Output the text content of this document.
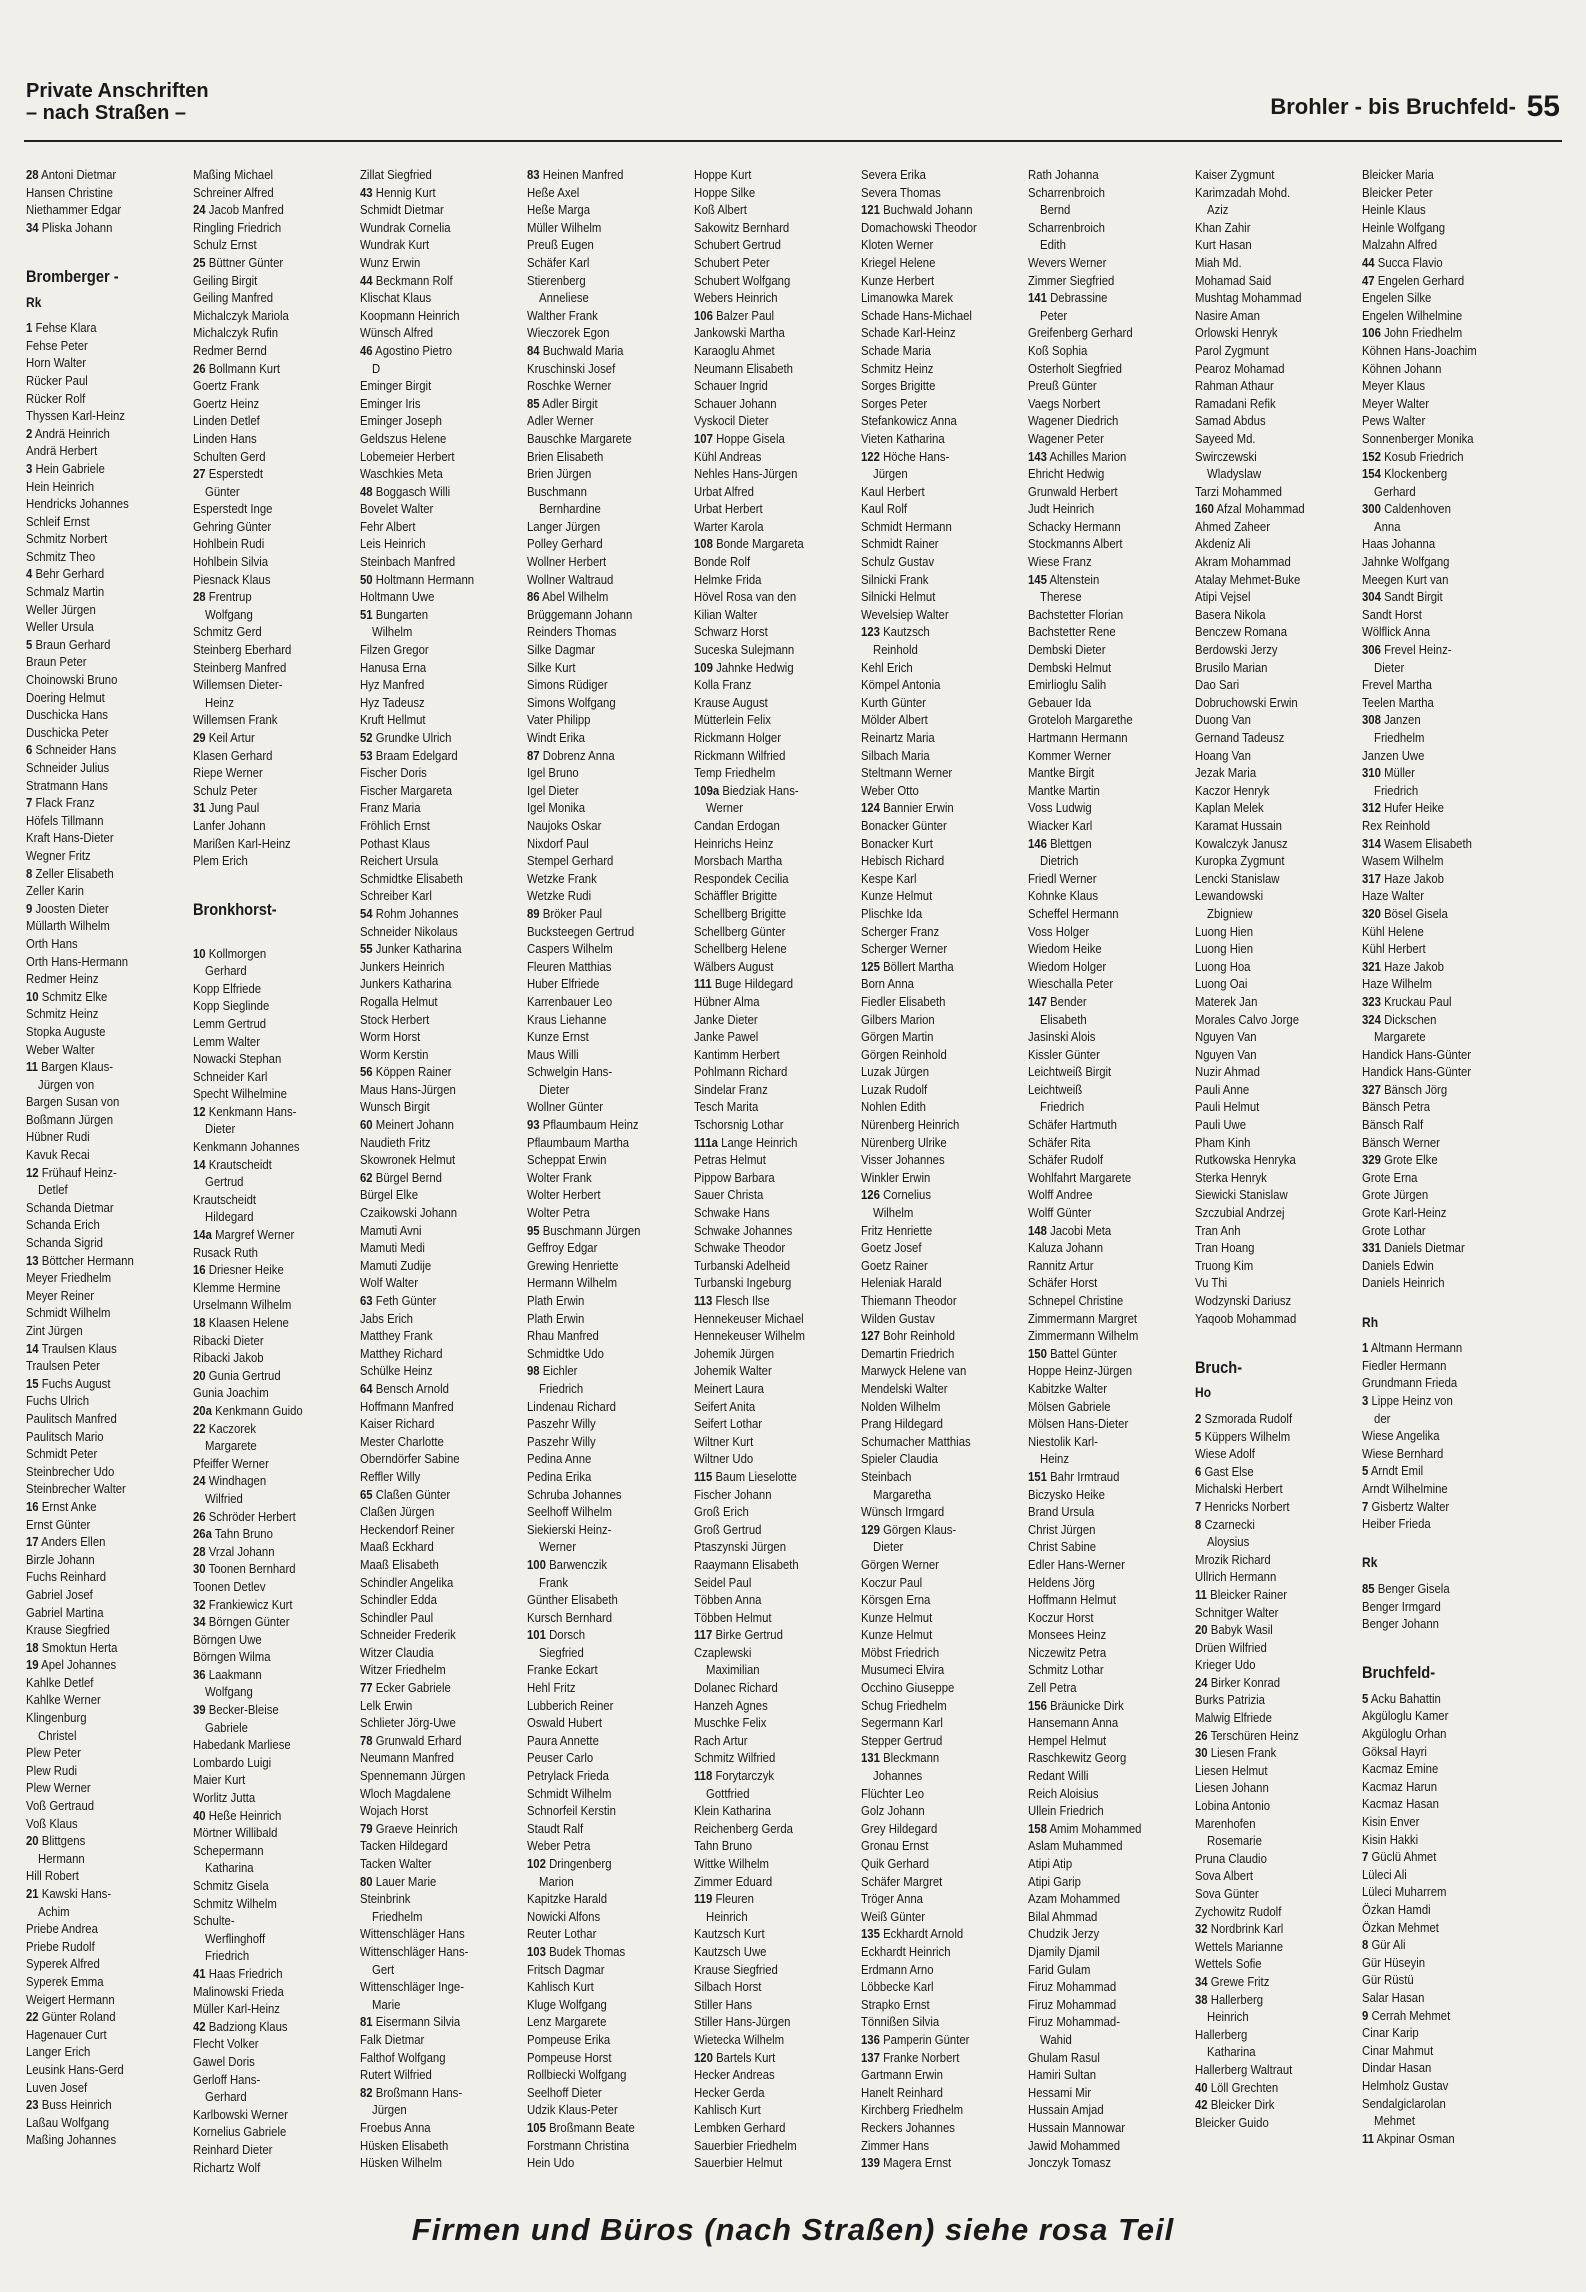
Private Anschriften
– nach Straßen –	Brohler - bis Bruchfeld- 55
28 Antoni Dietmar
Hansen Christine
Niethammer Edgar
34 Pliska Johann

Bromberger -
Rk
1 Fehse Klara
Fehse Peter
Horn Walter
Rücker Paul
Rücker Rolf
Thyssen Karl-Heinz
2 Andrä Heinrich
Andrä Herbert
3 Hein Gabriele
Hein Heinrich
Hendricks Johannes
Schleif Ernst
Schmitz Norbert
Schmitz Theo
4 Behr Gerhard
Schmalz Martin
Weller Jürgen
Weller Ursula
5 Braun Gerhard
Braun Peter
Choinowski Bruno
Doering Helmut
Duschicka Hans
Duschicka Peter
6 Schneider Hans
Schneider Julius
Stratmann Hans
7 Flack Franz
Höfels Tillmann
Kraft Hans-Dieter
Wegner Fritz
8 Zeller Elisabeth
Zeller Karin
9 Joosten Dieter
Müllarth Wilhelm
Orth Hans
Orth Hans-Hermann
Redmer Heinz
10 Schmitz Elke
Schmitz Heinz
Stopka Auguste
Weber Walter
11 Bargen Klaus-
Jürgen von
Bargen Susan von
Boßmann Jürgen
Hübner Rudi
Kavuk Recai
12 Frühauf Heinz-
Detlef
Schanda Dietmar
Schanda Erich
Schanda Sigrid
13 Böttcher Hermann
Meyer Friedhelm
Meyer Reiner
Schmidt Wilhelm
Zint Jürgen
14 Traulsen Klaus
Traulsen Peter
15 Fuchs August
Fuchs Ulrich
Paulitsch Manfred
Paulitsch Mario
Schmidt Peter
Steinbrecher Udo
Steinbrecher Walter
16 Ernst Anke
Ernst Günter
17 Anders Ellen
Birzle Johann
Fuchs Reinhard
Gabriel Josef
Gabriel Martina
Krause Siegfried
18 Smoktun Herta
19 Apel Johannes
Kahlke Detlef
Kahlke Werner
Klingenburg
Christel
Plew Peter
Plew Rudi
Plew Werner
Voß Gertraud
Voß Klaus
20 Blittgens
Hermann
Hill Robert
21 Kawski Hans-
Achim
Priebe Andrea
Priebe Rudolf
Syperek Alfred
Syperek Emma
Weigert Hermann
22 Günter Roland
Hagenauer Curt
Langer Erich
Leusink Hans-Gerd
Luven Josef
23 Buss Heinrich
Laßau Wolfgang
Maßing Johannes
Maßing Michael
Schreiner Alfred
24 Jacob Manfred
Ringling Friedrich
Schulz Ernst
25 Büttner Günter
Geiling Birgit
Geiling Manfred
Michalczyk Mariola
Michalczyk Rufin
Redmer Bernd
26 Bollmann Kurt
Goertz Frank
Goertz Heinz
Linden Detlef
Linden Hans
Schulten Gerd
27 Esperstedt
Günter
Esperstedt Inge
Gehring Günter
Hohlbein Rudi
Hohlbein Silvia
Piesnack Klaus
28 Frentrup
Wolfgang
Schmitz Gerd
Steinberg Eberhard
Steinberg Manfred
Willemsen Dieter-
Heinz
Willemsen Frank
29 Keil Artur
Klasen Gerhard
Riepe Werner
Schulz Peter
31 Jung Paul
Lanfer Johann
Marißen Karl-Heinz
Plem Erich

Bronkhorst-

10 Kollmorgen
Gerhard
Kopp Elfriede
Kopp Sieglinde
Lemm Gertrud
Lemm Walter
Nowacki Stephan
Schneider Karl
Specht Wilhelmine
12 Kenkmann Hans-
Dieter
Kenkmann Johannes
14 Krautscheidt
Gertrud
Krautscheidt
Hildegard
14a Margref Werner
Rusack Ruth
16 Driesner Heike
Klemme Hermine
Urselmann Wilhelm
18 Klaasen Helene
Ribacki Dieter
Ribacki Jakob
20 Gunia Gertrud
Gunia Joachim
20a Kenkmann Guido
22 Kaczorek
Margarete
Pfeiffer Werner
24 Windhagen
Wilfried
26 Schröder Herbert
26a Tahn Bruno
28 Vrzal Johann
30 Toonen Bernhard
Toonen Detlev
32 Frankiewicz Kurt
34 Börngen Günter
Börngen Uwe
Börngen Wilma
36 Laakmann
Wolfgang
39 Becker-Bleise
Gabriele
Habedank Marliese
Lombardo Luigi
Maier Kurt
Worlitz Jutta
40 Heße Heinrich
Mörtner Willibald
Schepermann
Katharina
Schmitz Gisela
Schmitz Wilhelm
Schulte-
Werflinghoff
Friedrich
41 Haas Friedrich
Malinowski Frieda
Müller Karl-Heinz
42 Badziong Klaus
Flecht Volker
Gawel Doris
Gerloff Hans-
Gerhard
Karlbowski Werner
Kornelius Gabriele
Reinhard Dieter
Richartz Wolf
Zillat Siegfried
43 Hennig Kurt
Schmidt Dietmar
Wundrak Cornelia
Wundrak Kurt
Wunz Erwin
44 Beckmann Rolf
Klischat Klaus
Koopmann Heinrich
Wünsch Alfred
46 Agostino Pietro
D
Eminger Birgit
Eminger Iris
Eminger Joseph
Geldszus Helene
Lobemeier Herbert
Waschkies Meta
48 Boggasch Willi
Bovelet Walter
Fehr Albert
Leis Heinrich
Steinbach Manfred
50 Holtmann Hermann
Holtmann Uwe
51 Bungarten
Wilhelm
Filzen Gregor
Hanusa Erna
Hyz Manfred
Hyz Tadeusz
Kruft Hellmut
52 Grundke Ulrich
53 Braam Edelgard
Fischer Doris
Fischer Margareta
Franz Maria
Fröhlich Ernst
Pothast Klaus
Reichert Ursula
Schmidtke Elisabeth
Schreiber Karl
54 Rohm Johannes
Schneider Nikolaus
55 Junker Katharina
Junkers Heinrich
Junkers Katharina
Rogalla Helmut
Stock Herbert
Worm Horst
Worm Kerstin
56 Köppen Rainer
Maus Hans-Jürgen
Wunsch Birgit
60 Meinert Johann
Naudieth Fritz
Skowronek Helmut
62 Bürgel Bernd
Bürgel Elke
Czaikowski Johann
Mamuti Avni
Mamuti Medi
Mamuti Zudije
Wolf Walter
63 Feth Günter
Jabs Erich
Matthey Frank
Matthey Richard
Schülke Heinz
64 Bensch Arnold
Hoffmann Manfred
Kaiser Richard
Mester Charlotte
Oberndörfer Sabine
Reffler Willy
65 Claßen Günter
Claßen Jürgen
Heckendorf Reiner
Maaß Eckhard
Maaß Elisabeth
Schindler Angelika
Schindler Edda
Schindler Paul
Schneider Frederik
Witzer Claudia
Witzer Friedhelm
77 Ecker Gabriele
Lelk Erwin
Schlieter Jörg-Uwe
78 Grunwald Erhard
Neumann Manfred
Spennemann Jürgen
Wloch Magdalene
Wojach Horst
79 Graeve Heinrich
Tacken Hildegard
Tacken Walter
80 Lauer Marie
Steinbrink
Friedhelm
Wittenschläger Hans
Wittenschläger Hans-
Gert
Wittenschläger Inge-
Marie
81 Eisermann Silvia
Falk Dietmar
Falthof Wolfgang
Rutert Wilfried
82 Broßmann Hans-
Jürgen
Froebus Anna
Hüsken Elisabeth
Hüsken Wilhelm
83 Heinen Manfred
Heße Axel
Heße Marga
Müller Wilhelm
Preuß Eugen
Schäfer Karl
Stierenberg
Anneliese
Walther Frank
Wieczorek Egon
84 Buchwald Maria
Kruschinski Josef
Roschke Werner
85 Adler Birgit
Adler Werner
Bauschke Margarete
Brien Elisabeth
Brien Jürgen
Buschmann
Bernhardine
Langer Jürgen
Polley Gerhard
Wollner Herbert
Wollner Waltraud
86 Abel Wilhelm
Brüggemann Johann
Reinders Thomas
Silke Dagmar
Silke Kurt
Simons Rüdiger
Simons Wolfgang
Vater Philipp
Windt Erika
87 Dobrenz Anna
Igel Bruno
Igel Dieter
Igel Monika
Naujoks Oskar
Nixdorf Paul
Stempel Gerhard
Wetzke Frank
Wetzke Rudi
89 Bröker Paul
Bucksteegen Gertrud
Caspers Wilhelm
Fleuren Matthias
Huber Elfriede
Karrenbauer Leo
Kraus Liehanne
Kunze Ernst
Maus Willi
Schwelgin Hans-
Dieter
Wollner Günter
93 Pflaumbaum Heinz
Pflaumbaum Martha
Scheppat Erwin
Wolter Frank
Wolter Herbert
Wolter Petra
95 Buschmann Jürgen
Geffroy Edgar
Grewing Henriette
Hermann Wilhelm
Plath Erwin
Plath Erwin
Rhau Manfred
Schmidtke Udo
98 Eichler
Friedrich
Lindenau Richard
Paszehr Willy
Paszehr Willy
Pedina Anne
Pedina Erika
Schruba Johannes
Seelhoff Wilhelm
Siekierski Heinz-
Werner
100 Barwenczik
Frank
Günther Elisabeth
Kursch Bernhard
101 Dorsch
Siegfried
Franke Eckart
Hehl Fritz
Lubberich Reiner
Oswald Hubert
Paura Annette
Peuser Carlo
Petrylack Frieda
Schmidt Wilhelm
Schnorfeil Kerstin
Staudt Ralf
Weber Petra
102 Dringenberg
Marion
Kapitzke Harald
Nowicki Alfons
Reuter Lothar
103 Budek Thomas
Fritsch Dagmar
Kahlisch Kurt
Kluge Wolfgang
Lenz Margarete
Pompeuse Erika
Pompeuse Horst
Rollbiecki Wolfgang
Seelhoff Dieter
Udzik Klaus-Peter
105 Broßmann Beate
Forstmann Christina
Hein Udo
Hoppe Kurt
Hoppe Silke
Koß Albert
Sakowitz Bernhard
Schubert Gertrud
Schubert Peter
Schubert Wolfgang
Webers Heinrich
106 Balzer Paul
Jankowski Martha
Karaoglu Ahmet
Neumann Elisabeth
Schauer Ingrid
Schauer Johann
Vyskocil Dieter
107 Hoppe Gisela
Kühl Andreas
Nehles Hans-Jürgen
Urbat Alfred
Urbat Herbert
Warter Karola
108 Bonde Margareta
Bonde Rolf
Helmke Frida
Hövel Rosa van den
Kilian Walter
Schwarz Horst
Suceska Sulejmann
109 Jahnke Hedwig
Kolla Franz
Krause August
Mütterlein Felix
Rickmann Holger
Rickmann Wilfried
Temp Friedhelm
109a Biedziak Hans-
Werner
Candan Erdogan
Heinrichs Heinz
Morsbach Martha
Respondek Cecilia
Schäffler Brigitte
Schellberg Brigitte
Schellberg Günter
Schellberg Helene
Wälbers August
111 Buge Hildegard
Hübner Alma
Janke Dieter
Janke Pawel
Kantimm Herbert
Pohlmann Richard
Sindelar Franz
Tesch Marita
Tschorsnig Lothar
111a Lange Heinrich
Petras Helmut
Pippow Barbara
Sauer Christa
Schwake Hans
Schwake Johannes
Schwake Theodor
Turbanski Adelheid
Turbanski Ingeburg
113 Flesch Ilse
Hennekeuser Michael
Hennekeuser Wilhelm
Johemik Jürgen
Johemik Walter
Meinert Laura
Seifert Anita
Seifert Lothar
Wiltner Kurt
Wiltner Udo
115 Baum Lieselotte
Fischer Johann
Groß Erich
Groß Gertrud
Ptaszynski Jürgen
Raaymann Elisabeth
Seidel Paul
Többen Anna
Többen Helmut
117 Birke Gertrud
Czaplewski
Maximilian
Dolanec Richard
Hanzeh Agnes
Muschke Felix
Rach Artur
Schmitz Wilfried
118 Forytarczyk
Gottfried
Klein Katharina
Reichenberg Gerda
Tahn Bruno
Wittke Wilhelm
Zimmer Eduard
119 Fleuren
Heinrich
Kautzsch Kurt
Kautzsch Uwe
Krause Siegfried
Silbach Horst
Stiller Hans
Stiller Hans-Jürgen
Wietecka Wilhelm
120 Bartels Kurt
Hecker Andreas
Hecker Gerda
Kahlisch Kurt
Lembken Gerhard
Sauerbier Friedhelm
Sauerbier Helmut
Severa Erika
Severa Thomas
121 Buchwald Johann
Domachowski Theodor
Kloten Werner
Kriegel Helene
Kunze Herbert
Limanowka Marek
Schade Hans-Michael
Schade Karl-Heinz
Schade Maria
Schmitz Heinz
Sorges Brigitte
Sorges Peter
Stefankowicz Anna
Vieten Katharina
122 Höche Hans-
Jürgen
Kaul Herbert
Kaul Rolf
Schmidt Hermann
Schmidt Rainer
Schulz Gustav
Silnicki Frank
Silnicki Helmut
Wevelsiep Walter
123 Kautzsch
Reinhold
Kehl Erich
Kömpel Antonia
Kurth Günter
Mölder Albert
Reinartz Maria
Silbach Maria
Steltmann Werner
Weber Otto
124 Bannier Erwin
Bonacker Günter
Bonacker Kurt
Hebisch Richard
Kespe Karl
Kunze Helmut
Plischke Ida
Scherger Franz
Scherger Werner
125 Böllert Martha
Born Anna
Fiedler Elisabeth
Gilbers Marion
Görgen Martin
Görgen Reinhold
Luzak Jürgen
Luzak Rudolf
Nohlen Edith
Nürenberg Heinrich
Nürenberg Ulrike
Visser Johannes
Winkler Erwin
126 Cornelius
Wilhelm
Fritz Henriette
Goetz Josef
Goetz Rainer
Heleniak Harald
Thiemann Theodor
Wilden Gustav
127 Bohr Reinhold
Demartin Friedrich
Marwyck Helene van
Mendelski Walter
Nolden Wilhelm
Prang Hildegard
Schumacher Matthias
Spieler Claudia
Steinbach
Margaretha
Wünsch Irmgard
129 Görgen Klaus-
Dieter
Görgen Werner
Koczur Paul
Körsgen Erna
Kunze Helmut
Kunze Helmut
Möbst Friedrich
Musumeci Elvira
Occhino Giuseppe
Schug Friedhelm
Segermann Karl
Stepper Gertrud
131 Bleckmann
Johannes
Flüchter Leo
Golz Johann
Grey Hildegard
Gronau Ernst
Quik Gerhard
Schäfer Margret
Tröger Anna
Weiß Günter
135 Eckhardt Arnold
Eckhardt Heinrich
Erdmann Arno
Löbbecke Karl
Strapko Ernst
Tönnißen Silvia
136 Pamperin Günter
137 Franke Norbert
Gartmann Erwin
Hanelt Reinhard
Kirchberg Friedhelm
Reckers Johannes
Zimmer Hans
139 Magera Ernst
Rath Johanna
Scharrenbroich
Bernd
Scharrenbroich
Edith
Wevers Werner
Zimmer Siegfried
141 Debrassine
Peter
Greifenberg Gerhard
Koß Sophia
Osterholt Siegfried
Preuß Günter
Vaegs Norbert
Wagener Diedrich
Wagener Peter
143 Achilles Marion
Ehricht Hedwig
Grunwald Herbert
Judt Heinrich
Schacky Hermann
Stockmanns Albert
Wiese Franz
145 Altenstein
Therese
Bachstetter Florian
Bachstetter Rene
Dembski Dieter
Dembski Helmut
Emirlioglu Salih
Gebauer Ida
Groteloh Margarethe
Hartmann Hermann
Kommer Werner
Mantke Birgit
Mantke Martin
Voss Ludwig
Wiacker Karl
146 Blettgen
Dietrich
Friedl Werner
Kohnke Klaus
Scheffel Hermann
Voss Holger
Wiedom Heike
Wiedom Holger
Wieschalla Peter
147 Bender
Elisabeth
Jasinski Alois
Kissler Günter
Leichtweiß Birgit
Leichtweiß
Friedrich
Schäfer Hartmuth
Schäfer Rita
Schäfer Rudolf
Wohlfahrt Margarete
Wolff Andree
Wolff Günter
148 Jacobi Meta
Kaluza Johann
Rannitz Artur
Schäfer Horst
Schnepel Christine
Zimmermann Margret
Zimmermann Wilhelm
150 Battel Günter
Hoppe Heinz-Jürgen
Kabitzke Walter
Mölsen Gabriele
Mölsen Hans-Dieter
Niestolik Karl-
Heinz
151 Bahr Irmtraud
Biczysko Heike
Brand Ursula
Christ Jürgen
Christ Sabine
Edler Hans-Werner
Heldens Jörg
Hoffmann Helmut
Koczur Horst
Monsees Heinz
Niczewitz Petra
Schmitz Lothar
Zell Petra
156 Bräunicke Dirk
Hansemann Anna
Hempel Helmut
Raschkewitz Georg
Redant Willi
Reich Aloisius
Ullein Friedrich
158 Amim Mohammed
Aslam Muhammed
Atipi Atip
Atipi Garip
Azam Mohammed
Bilal Ahmmad
Chudzik Jerzy
Djamily Djamil
Farid Gulam
Firuz Mohammad
Firuz Mohammad
Firuz Mohammad-
Wahid
Ghulam Rasul
Hamiri Sultan
Hessami Mir
Hussain Amjad
Hussain Mannowar
Jawid Mohammed
Jonczyk Tomasz
Kaiser Zygmunt
Karimzadah Mohd.
Aziz
Khan Zahir
Kurt Hasan
Miah Md.
Mohamad Said
Mushtag Mohammad
Nasire Aman
Orlowski Henryk
Parol Zygmunt
Pearoz Mohamad
Rahman Athaur
Ramadani Refik
Samad Abdus
Sayeed Md.
Swirczewski
Wladyslaw
Tarzi Mohammed
160 Afzal Mohammad
Ahmed Zaheer
Akdeniz Ali
Akram Mohammad
Atalay Mehmet-Buke
Atipi Vejsel
Basera Nikola
Benczew Romana
Berdowski Jerzy
Brusilo Marian
Dao Sari
Dobruchowski Erwin
Duong Van
Gernand Tadeusz
Hoang Van
Jezak Maria
Kaczor Henryk
Kaplan Melek
Karamat Hussain
Kowalczyk Janusz
Kuropka Zygmunt
Lencki Stanislaw
Lewandowski
Zbigniew
Luong Hien
Luong Hien
Luong Hoa
Luong Oai
Materek Jan
Morales Calvo Jorge
Nguyen Van
Nguyen Van
Nuzir Ahmad
Pauli Anne
Pauli Helmut
Pauli Uwe
Pham Kinh
Rutkowska Henryka
Sterka Henryk
Siewicki Stanislaw
Szczubial Andrzej
Tran Anh
Tran Hoang
Truong Kim
Vu Thi
Wodzynski Dariusz
Yaqoob Mohammad

Bruch-
Ho
2 Szmorada Rudolf
5 Küppers Wilhelm
Wiese Adolf
6 Gast Else
Michalski Herbert
7 Henricks Norbert
8 Czarnecki
Aloysius
Mrozik Richard
Ullrich Hermann
11 Bleicker Rainer
Schnitger Walter
20 Babyk Wasil
Drüen Wilfried
Krieger Udo
24 Birker Konrad
Burks Patrizia
Malwig Elfriede
26 Terschüren Heinz
30 Liesen Frank
Liesen Helmut
Liesen Johann
Lobina Antonio
Marenhofen
Rosemarie
Pruna Claudio
Sova Albert
Sova Günter
Zychowitz Rudolf
32 Nordbrink Karl
Wettels Marianne
Wettels Sofie
34 Grewe Fritz
38 Hallerberg
Heinrich
Hallerberg
Katharina
Hallerberg Waltraut
40 Löll Grechten
42 Bleicker Dirk
Bleicker Guido
Bleicker Maria
Bleicker Peter
Heinle Klaus
Heinle Wolfgang
Malzahn Alfred
44 Succa Flavio
47 Engelen Gerhard
Engelen Silke
Engelen Wilhelmine
106 John Friedhelm
Köhnen Hans-Joachim
Köhnen Johann
Meyer Klaus
Meyer Walter
Pews Walter
Sonnenberger Monika
152 Kosub Friedrich
154 Klockenberg
Gerhard
300 Caldenhoven
Anna
Haas Johanna
Jahnke Wolfgang
Meegen Kurt van
304 Sandt Birgit
Sandt Horst
Wölflick Anna
306 Frevel Heinz-
Dieter
Frevel Martha
Teelen Martha
308 Janzen
Friedhelm
Janzen Uwe
310 Müller
Friedrich
312 Hufer Heike
Rex Reinhold
314 Wasem Elisabeth
Wasem Wilhelm
317 Haze Jakob
Haze Walter
320 Bösel Gisela
Kühl Helene
Kühl Herbert
321 Haze Jakob
Haze Wilhelm
323 Kruckau Paul
324 Dickschen
Margarete
Handick Hans-Günter
Handick Hans-Günter
327 Bänsch Jörg
Bänsch Petra
Bänsch Ralf
Bänsch Werner
329 Grote Elke
Grote Erna
Grote Jürgen
Grote Karl-Heinz
Grote Lothar
331 Daniels Dietmar
Daniels Edwin
Daniels Heinrich

Rh
1 Altmann Hermann
Fiedler Hermann
Grundmann Frieda
3 Lippe Heinz von
der
Wiese Angelika
Wiese Bernhard
5 Arndt Emil
Arndt Wilhelmine
7 Gisbertz Walter
Heiber Frieda

Rk
85 Benger Gisela
Benger Irmgard
Benger Johann

Bruchfeld-
5 Acku Bahattin
Akgüloglu Kamer
Akgüloglu Orhan
Göksal Hayri
Kacmaz Emine
Kacmaz Harun
Kacmaz Hasan
Kisin Enver
Kisin Hakki
7 Güclü Ahmet
Lüleci Ali
Lüleci Muharrem
Özkan Hamdi
Özkan Mehmet
8 Gür Ali
Gür Hüseyin
Gür Rüstü
Salar Hasan
9 Cerrah Mehmet
Cinar Karip
Cinar Mahmut
Dindar Hasan
Helmholz Gustav
Sendalgiclarolan
Mehmet
11 Akpinar Osman
Firmen und Büros (nach Straßen) siehe rosa Teil
